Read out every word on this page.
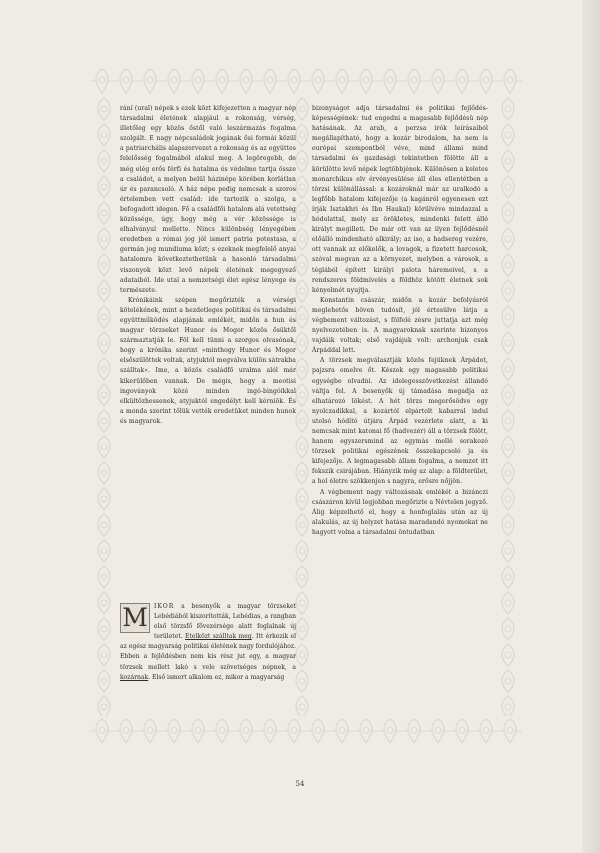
rání (ural) népek s ezek közt kifejezetten a magyar nép társadalmi életének alapjául a rokonság, vérség, illetőleg egy közös őstől való leszármazás fogalma szolgált. E nagy népcsaládok jogának ősi formái közül a patriarchális alapszervezet a rokonság és az együttes felelősség fogalmából alakul meg. A legöregebb, de még elég erős férfi és hatalma és védelme tartja össze a családot, a melyen belül házinépe körében korlátlan úr és parancsoló. A ház népe pedig nemcsak a szoros értelemben vett család: ide tartozik a szolga, a befogadott idegen. Fő a családfői hatalom alá vetettség közössége, úgy, hogy még a vér közössége is elhalványul mellette. Nincs különbség lényegében eredetben a római jog jól ismert patria potestasa, a germán jog mundiuma közt; s ezeknek megfelelő anyai hatalomra következtethetünk a hasonló társadalmi viszonyok közt levő népek életének megegyező adataiból. Ide utal a nemzetségi élet egész lényege és természete.

Krónikáink szépen megőrizték a vérségi kötelékének, mint a hezdetleges politikai és társadalmi együttműködés alapjának emlékét, midőn a hun és magyar törzseket Hunor és Mogor közös ősüktől származtatják le. Föl kell tünni a szorgos olvasónak, hogy a krónika szerint »minthogy Hunor és Mogor elsőszülöttek voltak, atyjuktól megválva külön sátrakba szálltak«. Ime, a közös családfő uralma alól már kikerülőben vannak. De mégis, hogy a meotisi ingoványok közé minden ingó-bingóikkal elkültözhessenek, atyjuktól engedélyt kell kérniök. És a monda szerint tőlük vették eredetüket minden hunok és magyarok.

M	IKOR a besenyők a magyar törzseket Lebédiából kiszorították, Lehédias, a rangban első törzsfő fővezérsége alatt foglalnak új területet. Etelközt szálltak meg. Itt érkezik el az egész magyarság politikai életének nagy fordulójához. Ebben a fejlődésben nem kis rész jut egy, a magyar törzsek mellett lakó s vele szövetséges népnek, a kozárnak. Első ismert alkalom ez, mikor a magyarság

bizonyságot adja társadalmi és politikai fejlődés-képességének: tud engedni a magasabb fejlődésü nép hatásának. Az arab, a perzsa írók leírásaiból megállapítható, hogy a kozár birodalom, ha nem is európai szempontból véve, mind állami mind társadalmi és gazdasági tekintetben fölötte áll a körülötte levő népek legtöbbjének. Különösen a keletes monarchikus elv érvényesülése áll éles ellentétben a törzsi különállással: a kozároknál már az uralkodó a legfőbb hatalom kifejezője (a kagánról egyenesen ezt írják Isztakhri és Ibn Haukal) körülvéve mindazzal a hódolattal, mely az örökletes, mindenki felett álló királyt megilleti. De már ott van az ilyen fejlődésnél előálló mindenható alkirály; az iso, a hadsereg vezére, ott vannak az előkelők, a lovagok, a fizetett harcosok, szóval megvan az a környezet, melyben a városok, a téglából épített királyi palota háremeivel, s a rendszeres földmívelés a földhöz kötött életnek sok kényelmét nyujtja.

Konstantin császár, midőn a kozár befolyásról meglehetős böven tudósít, jól értesülve látja a végbement változást, s fölfelé zésre juttatja azt még nyelvezetében is. A magyaroknak szerinte bizonyos vajdáik voltak; első vajdájuk volt: archonjuk csak Árpáddal lett.

A törzsek megválasztják közös fejüknek Árpádot, pajzsra emelve őt. Készek egy magasabb politikai egységbe olvadni. Az idelegesszövetkezést állandó váltja fel. A besenyők új támadása megadja az elhatározó lökést. A hét törzs megerősödve egy nyolczadikkal, a kozártól elpártolt kabarral indul utolsó hódító útjára Árpád vezérlete alatt, a ki nemcsak mint katonai fő (hadvezér) áll a törzsek fölött, hanem egyszersmind az egymás mellé sorakozó törzsek politikai egészének összekapcsoló ja és kifejezője. A legmagasabb állam fogalma, a nemzet itt fekszik csirájában. Hiányzik még az alap: a földterület, a hol életre szökkenjen s nagyra, erősre nőjjön.

A végbement nagy változásnak emlékét a bizánczi császáron kívül legjobban megőrizte a Névtelen jegyző. Álig képzelhető el, hogy a honfoglalás után az új alakulás, az új helyzet hatása maradandó nyomokat ne hagyott volna a társadalmi öntudatban

54
